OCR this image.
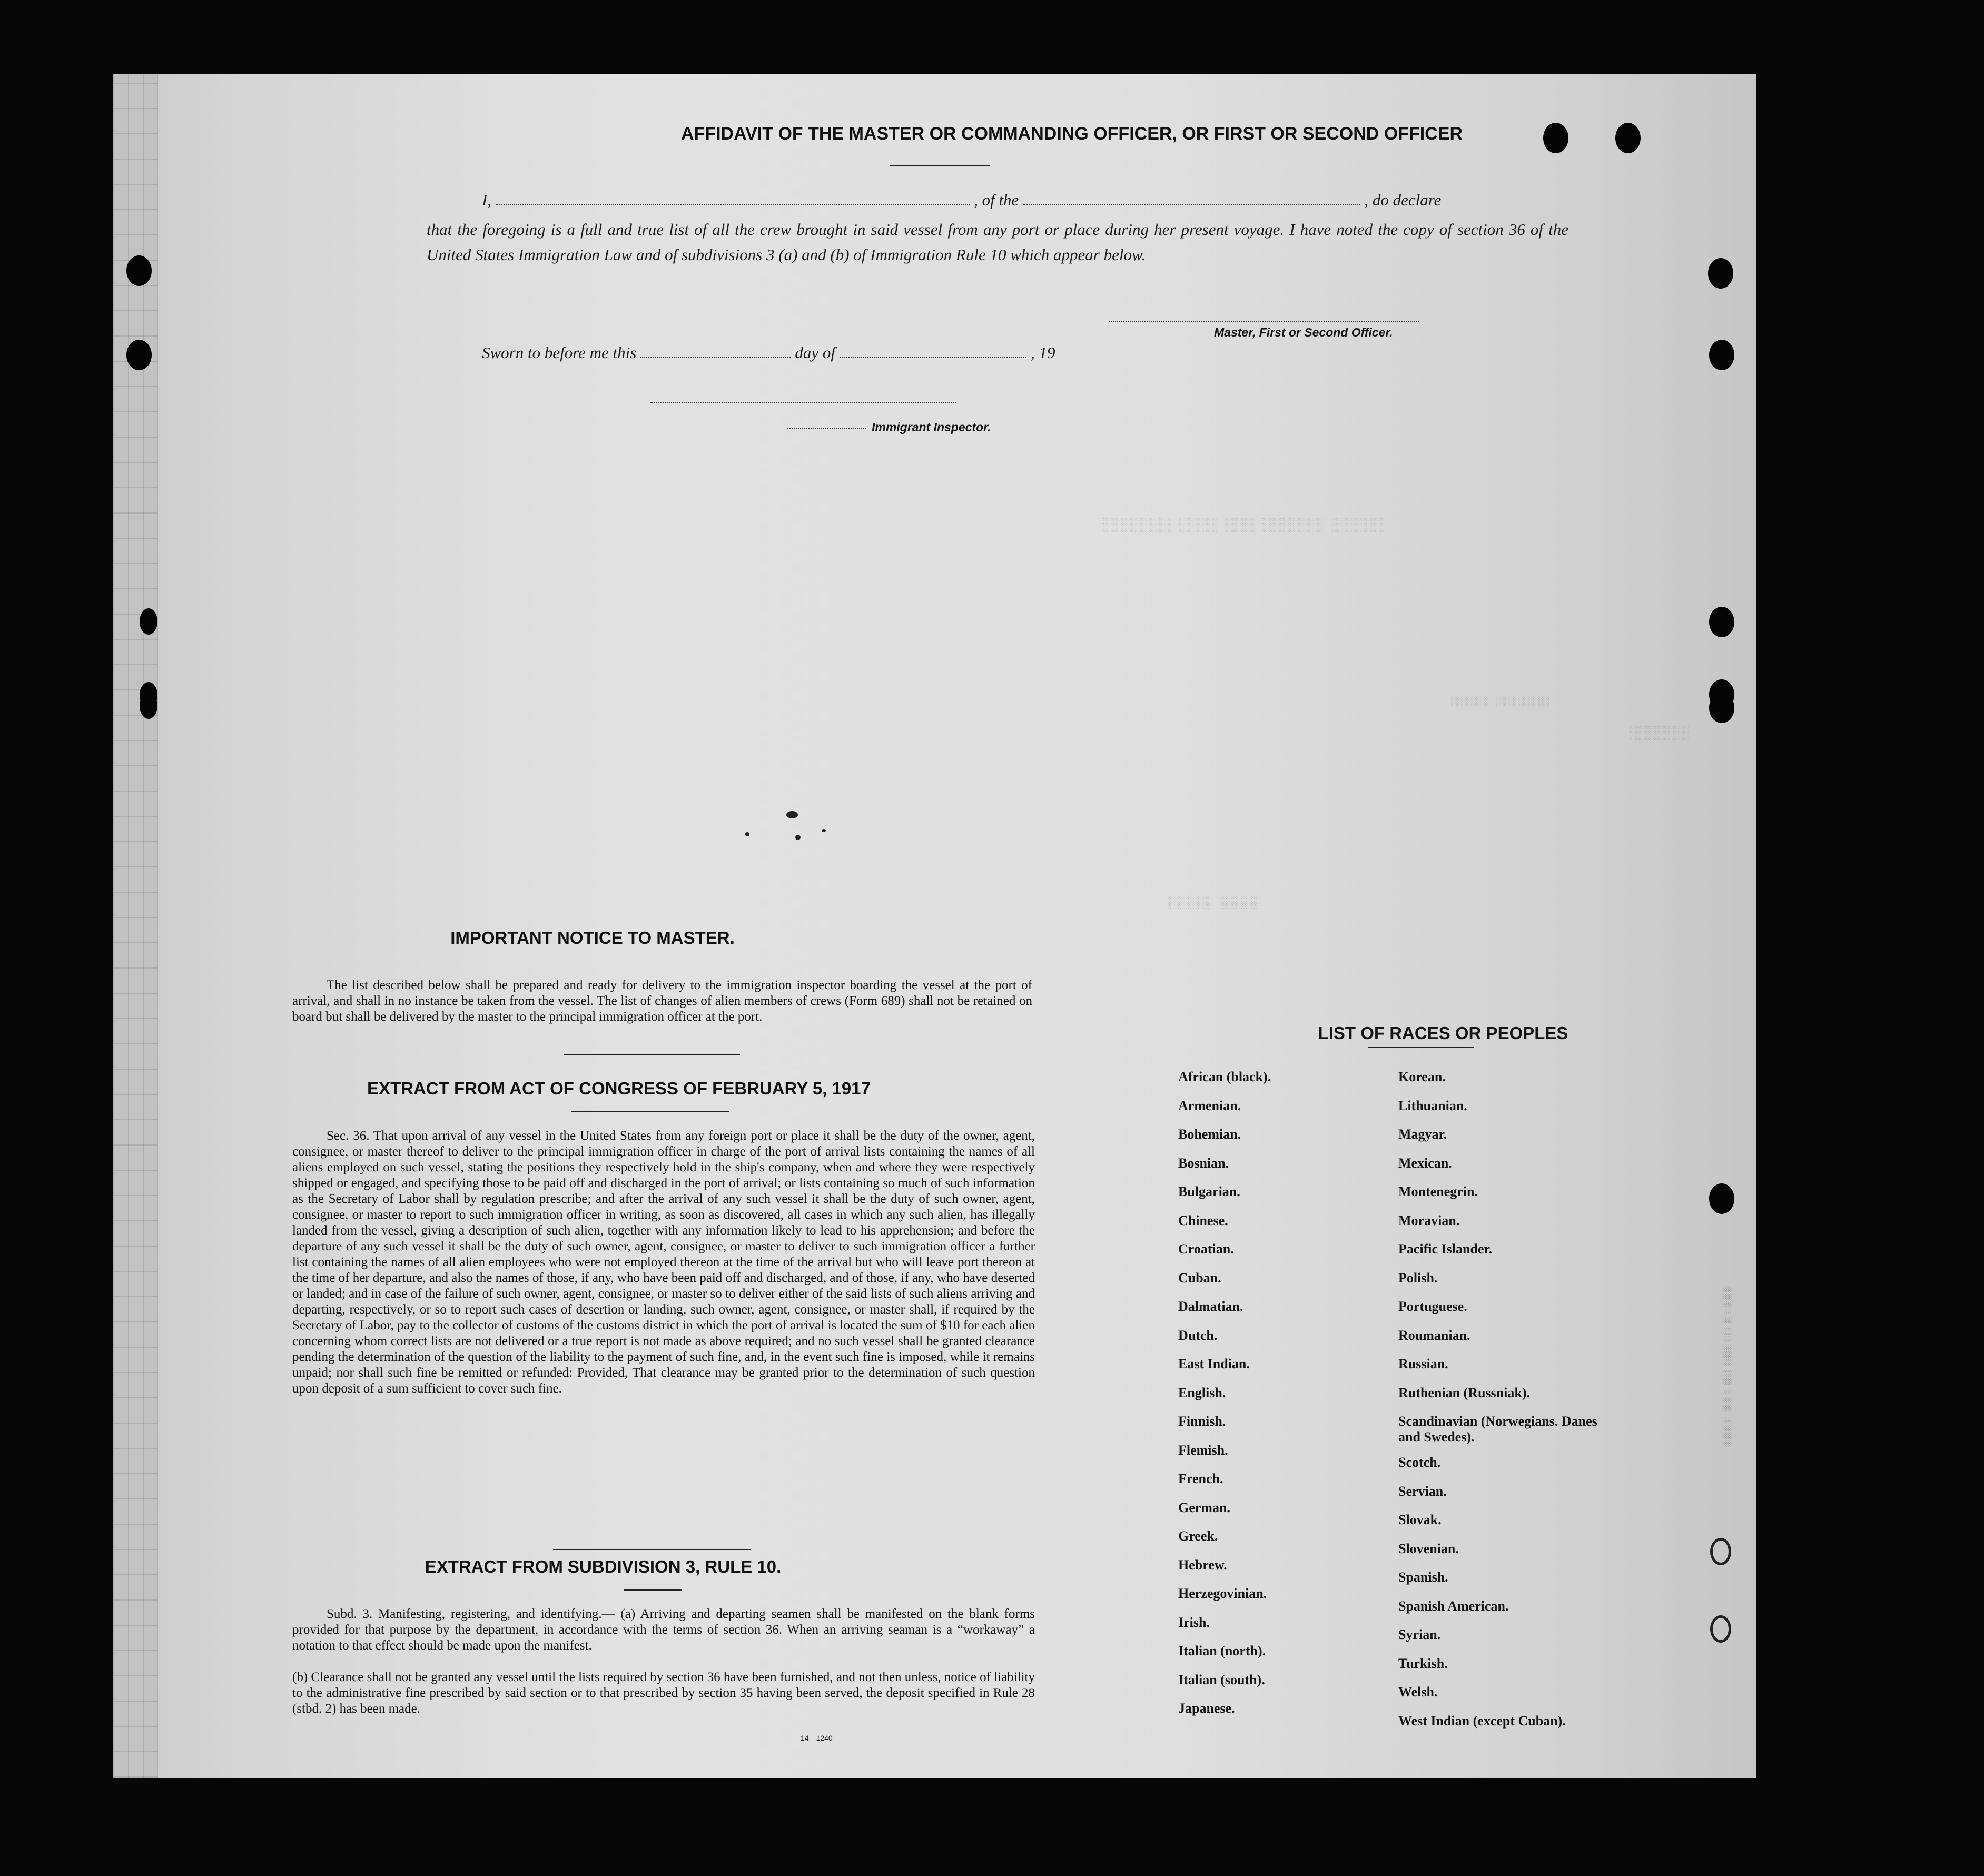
░░░░░░░░░ ░░░░░ ░░░░ ░░░░░░░░ ░░░░░░░
░░░░░ ░░░░░░░
░░░░░░░░
░░░░░░ ░░░░░
AFFIDAVIT OF THE MASTER OR COMMANDING OFFICER, OR FIRST OR SECOND OFFICER
I,	, of the	, do declare
that the foregoing is a full and true list of all the crew brought in said vessel from any port or place during her present voyage. I have noted the copy of section 36 of the United States Immigration Law and of subdivisions 3 (a) and (b) of Immigration Rule 10 which appear below.
Master, First or Second Officer.
Sworn to before me this	day of	, 19
Immigrant Inspector.
IMPORTANT NOTICE TO MASTER.
The list described below shall be prepared and ready for delivery to the immigration inspector boarding the vessel at the port of arrival, and shall in no instance be taken from the vessel. The list of changes of alien members of crews (Form 689) shall not be retained on board but shall be delivered by the master to the principal immigration officer at the port.
EXTRACT FROM ACT OF CONGRESS OF FEBRUARY 5, 1917
Sec. 36. That upon arrival of any vessel in the United States from any foreign port or place it shall be the duty of the owner, agent, consignee, or master thereof to deliver to the principal immigration officer in charge of the port of arrival lists containing the names of all aliens employed on such vessel, stating the positions they respectively hold in the ship's company, when and where they were respectively shipped or engaged, and specifying those to be paid off and discharged in the port of arrival; or lists containing so much of such information as the Secretary of Labor shall by regulation prescribe; and after the arrival of any such vessel it shall be the duty of such owner, agent, consignee, or master to report to such immigration officer in writing, as soon as discovered, all cases in which any such alien, has illegally landed from the vessel, giving a description of such alien, together with any information likely to lead to his apprehension; and before the departure of any such vessel it shall be the duty of such owner, agent, consignee, or master to deliver to such immigration officer a further list containing the names of all alien employees who were not employed thereon at the time of the arrival but who will leave port thereon at the time of her departure, and also the names of those, if any, who have been paid off and discharged, and of those, if any, who have deserted or landed; and in case of the failure of such owner, agent, consignee, or master so to deliver either of the said lists of such aliens arriving and departing, respectively, or so to report such cases of desertion or landing, such owner, agent, consignee, or master shall, if required by the Secretary of Labor, pay to the collector of customs of the customs district in which the port of arrival is located the sum of $10 for each alien concerning whom correct lists are not delivered or a true report is not made as above required; and no such vessel shall be granted clearance pending the determination of the question of the liability to the payment of such fine, and, in the event such fine is imposed, while it remains unpaid; nor shall such fine be remitted or refunded: Provided, That clearance may be granted prior to the determination of such question upon deposit of a sum sufficient to cover such fine.
EXTRACT FROM SUBDIVISION 3, RULE 10.
Subd. 3. Manifesting, registering, and identifying.— (a) Arriving and departing seamen shall be manifested on the blank forms provided for that purpose by the department, in accordance with the terms of section 36. When an arriving seaman is a “workaway” a notation to that effect should be made upon the manifest.
(b) Clearance shall not be granted any vessel until the lists required by section 36 have been furnished, and not then unless, notice of liability to the administrative fine prescribed by said section or to that prescribed by section 35 having been served, the deposit specified in Rule 28 (stbd. 2) has been made.
14—1240
LIST OF RACES OR PEOPLES
African (black).
Armenian.
Bohemian.
Bosnian.
Bulgarian.
Chinese.
Croatian.
Cuban.
Dalmatian.
Dutch.
East Indian.
English.
Finnish.
Flemish.
French.
German.
Greek.
Hebrew.
Herzegovinian.
Irish.
Italian (north).
Italian (south).
Japanese.
Korean.
Lithuanian.
Magyar.
Mexican.
Montenegrin.
Moravian.
Pacific Islander.
Polish.
Portuguese.
Roumanian.
Russian.
Ruthenian (Russniak).
Scandinavian (Norwegians. Danes and Swedes).
Scotch.
Servian.
Slovak.
Slovenian.
Spanish.
Spanish American.
Syrian.
Turkish.
Welsh.
West Indian (except Cuban).
░░░░░ ░░░░░ ░░ ░░░ ░░░░
